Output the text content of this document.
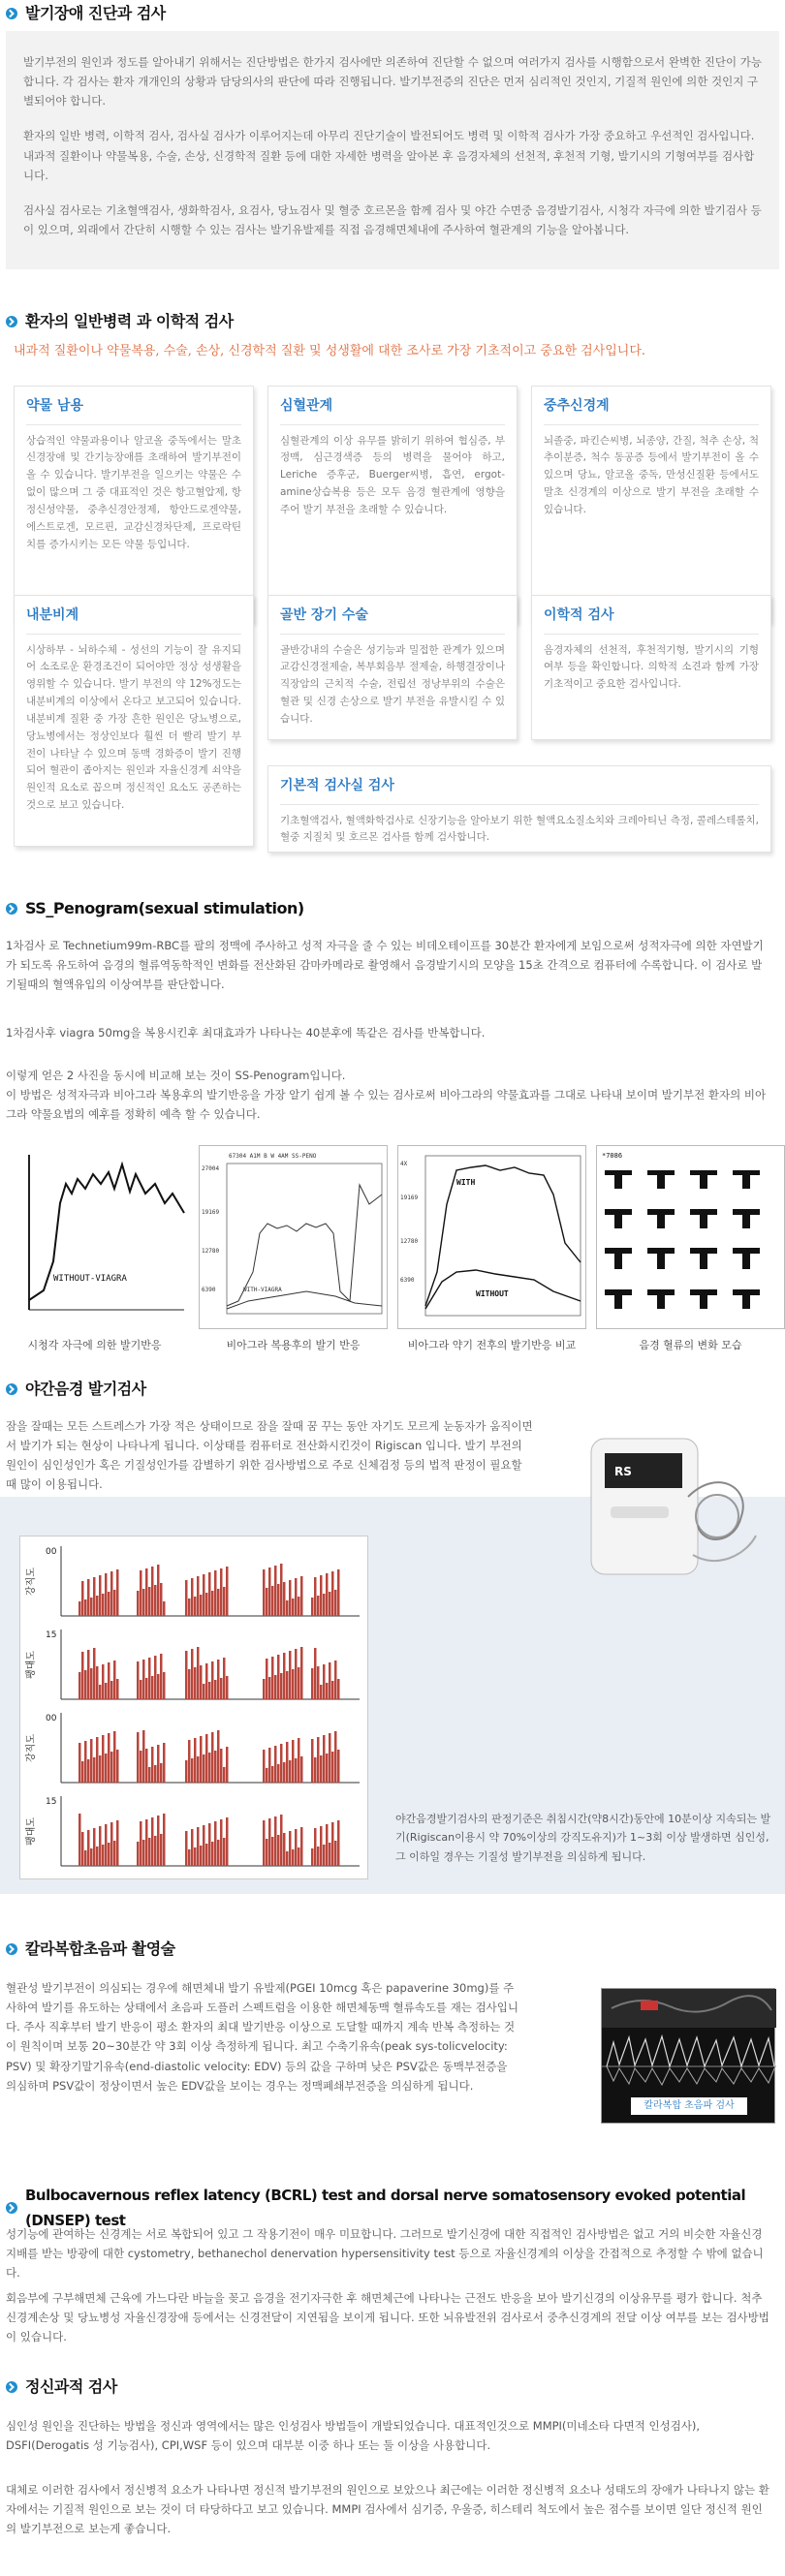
발기장애 진단과 검사

발기부전의 원인과 정도를 알아내기 위해서는 진단방법은 한가지 검사에만 의존하여 진단할 수 없으며 여러가지 검사를 시행함으로서 완벽한 진단이 가능합니다. 각 검사는 환자 개개인의 상황과 담당의사의 판단에 따라 진행됩니다. 발기부전증의 진단은 먼저 심리적인 것인지, 기질적 원인에 의한 것인지 구별되어야 합니다.

환자의 일반 병력, 이학적 검사, 검사실 검사가 이루어지는데 아무리 진단기술이 발전되어도 병력 및 이학적 검사가 가장 중요하고 우선적인 검사입니다. 내과적 질환이나 약물복용, 수술, 손상, 신경학적 질환 등에 대한 자세한 병력을 알아본 후 음경자체의 선천적, 후천적 기형, 발기시의 기형여부를 검사합니다.

검사실 검사로는 기초혈액검사, 생화학검사, 요검사, 당뇨검사 및 혈중 호르몬을 함께 검사 및 야간 수면중 음경발기검사, 시청각 자극에 의한 발기검사 등이 있으며, 외래에서 간단히 시행할 수 있는 검사는 발기유발제를 직접 음경해면체내에 주사하여 혈관계의 기능을 알아봅니다.

환자의 일반병력 과 이학적 검사
내과적 질환이나 약물복용, 수술, 손상, 신경학적 질환 및 성생활에 대한 조사로 가장 기초적이고 중요한 검사입니다.
약물 남용

상습적인 약물과용이나 알코올 중독에서는 말초신경장애 및 간기능장애를 초래하여 발기부전이 올 수 있습니다. 발기부전을 일으키는 약물은 수없이 많으며 그 중 대표적인 것은 항고혈압제, 항정신성약물, 중추신경안정제, 항안드로겐약물, 에스트로겐, 모르핀, 교감신경차단제, 프로락틴치를 증가시키는 모든 약물 등입니다.

심혈관계

심혈관계의 이상 유무를 밝히기 위하여 협심증, 부정맥, 심근경색증 등의 병력을 물어야 하고, Leriche 증후군, Buerger씨병, 흡연, ergot-amine상습복용 등은 모두 음경 혈관계에 영향을 주어 발기 부전을 초래할 수 있습니다.

중추신경계

뇌졸중, 파킨슨씨병, 뇌종양, 간질, 척추 손상, 척추이분증, 척수 동공증 등에서 발기부전이 올 수 있으며 당뇨, 알코올 중독, 만성신질환 등에서도 말초 신경계의 이상으로 발기 부전을 초래할 수 있습니다.

내분비계

시상하부 - 뇌하수체 - 성선의 기능이 잘 유지되어 소조로운 환경조건이 되어야만 정상 성생활을 영위할 수 있습니다. 발기 부전의 약 12%정도는 내분비계의 이상에서 온다고 보고되어 있습니다. 내분비계 질환 중 가장 흔한 원인은 당뇨병으로, 당뇨병에서는 정상인보다 훨씬 더 빨리 발기 부전이 나타날 수 있으며 동맥 경화증이 발기 진행되어 혈관이 좁아지는 원인과 자율신경계 쇠약을 원인적 요소로 꼽으며 정신적인 요소도 공존하는 것으로 보고 있습니다.

골반 장기 수술

골반강내의 수술은 성기능과 밀접한 관계가 있으며 교감신경절제술, 복부회음부 절제술, 하행결장이나 직장암의 근치적 수술, 전립선 정낭부위의 수술은 혈관 및 신경 손상으로 발기 부전을 유발시킬 수 있습니다.

이학적 검사

음경자체의 선천적, 후천적기형, 발기시의 기형여부 등을 확인합니다. 의학적 소견과 함께 가장 기초적이고 중요한 검사입니다.

기본적 검사실 검사

기초혈액검사, 혈액화학검사로 신장기능을 알아보기 위한 혈액요소질소치와 크레아티닌 측정, 콜레스테롤치, 혈중 지질치 및 호르몬 검사를 함께 검사합니다.

SS_Penogram(sexual stimulation)

1차검사 로 Technetium99m-RBC를 팔의 정맥에 주사하고 성적 자극을 줄 수 있는 비데오테이프를 30분간 환자에게 보임으로써 성적자극에 의한 자연발기가 되도록 유도하여 음경의 혈류역동학적인 변화를 전산화된 감마카메라로 촬영해서 음경발기시의 모양을 15초 간격으로 컴퓨터에 수록합니다. 이 검사로 발기될때의 혈액유입의 이상여부를 판단합니다.

1차검사후 viagra 50mg을 복용시킨후 최대효과가 나타나는 40분후에 똑같은 검사를 반복합니다.

이렇게 얻은 2 사진을 동시에 비교해 보는 것이 SS-Penogram입니다.
이 방법은 성적자극과 비아그라 복용후의 발기반응을 가장 알기 쉽게 볼 수 있는 검사로써 비아그라의 약물효과를 그대로 나타내 보이며 발기부전 환자의 비아그라 약물요법의 예후를 정확히 예측 할 수 있습니다.

WITHOUT-VIAGRA
67304 A1M B W 4AM SS-PENO
27004
19169
12780
6390	WITH-VIAGRA
4X
19169
12780
6390
WITH
WITHOUT
*7086
시청각 자극에 의한 발기반응	비아그라 복용후의 발기 반응	비아그라 약기 전후의 발기반응 비교	음경 혈류의 변화 모습
야간음경 발기검사

잠을 잘때는 모든 스트레스가 가장 적은 상태이므로 잠을 잘때 꿈 꾸는 동안 자기도 모르게 눈동자가 움직이면서 발기가 되는 현상이 나타나게 됩니다. 이상태를 컴퓨터로 전산화시킨것이 Rigiscan 입니다. 발기 부전의 원인이 심인성인가 혹은 기질성인가를 감별하기 위한 검사방법으로 주로 신체검정 등의 법적 판정이 필요할 때 많이 이용됩니다.

RS
강직도
00
팽대도
15
강직도
00
팽대도
15

야간음경발기검사의 판정기준은 취침시간(약8시간)동안에 10분이상 지속되는 발기(Rigiscan이용시 약 70%이상의 강직도유지)가 1~3회 이상 발생하면 심인성, 그 이하일 경우는 기질성 발기부전을 의심하게 됩니다.

칼라복합초음파 촬영술

혈관성 발기부전이 의심되는 경우에 해면체내 발기 유발제(PGEI 10mcg 혹은 papaverine 30mg)를 주사하여 발기를 유도하는 상태에서 초음파 도플러 스펙트럼을 이용한 해면체동맥 혈류속도를 재는 검사입니다. 주사 직후부터 발기 반응이 평소 환자의 최대 발기반응 이상으로 도달할 때까지 계속 반복 측정하는 것이 원칙이며 보통 20~30분간 약 3회 이상 측정하게 됩니다. 최고 수축기유속(peak sys-tolicvelocity: PSV) 및 확장기말기유속(end-diastolic velocity: EDV) 등의 값을 구하며 낮은 PSV값은 동맥부전증을 의심하며 PSV값이 정상이면서 높은 EDV값을 보이는 경우는 정맥폐쇄부전증을 의심하게 됩니다.

칼라복합 초음파 검사
Bulbocavernous reflex latency (BCRL) test and dorsal nerve somatosensory evoked potential (DNSEP) test

성기능에 관여하는 신경계는 서로 복합되어 있고 그 작용기전이 매우 미묘합니다. 그러므로 발기신경에 대한 직접적인 검사방법은 없고 거의 비슷한 자율신경지배를 받는 방광에 대한 cystometry, bethanechol denervation hypersensitivity test 등으로 자율신경계의 이상을 간접적으로 추정할 수 밖에 없습니다.

회음부에 구부해면체 근육에 가느다란 바늘을 꽂고 음경을 전기자극한 후 해면체근에 나타나는 근전도 반응을 보아 발기신경의 이상유무를 평가 합니다. 척추신경계손상 및 당뇨병성 자율신경장애 등에서는 신경전달이 지연됨을 보이게 됩니다. 또한 뇌유발전위 검사로서 중추신경계의 전달 이상 여부를 보는 검사방법이 있습니다.

정신과적 검사

심인성 원인을 진단하는 방법을 정신과 영역에서는 많은 인성검사 방법들이 개발되었습니다. 대표적인것으로 MMPI(미네소타 다면적 인성검사), DSFI(Derogatis 성 기능검사), CPI,WSF 등이 있으며 대부분 이중 하나 또는 둘 이상을 사용합니다.

대체로 이러한 검사에서 정신병적 요소가 나타나면 정신적 발기부전의 원인으로 보았으나 최근에는 이러한 정신병적 요소나 성태도의 장애가 나타나지 않는 환자에서는 기질적 원인으로 보는 것이 더 타당하다고 보고 있습니다. MMPI 검사에서 심기증, 우울증, 히스테리 척도에서 높은 점수를 보이면 일단 정신적 원인의 발기부전으로 보는게 좋습니다.
